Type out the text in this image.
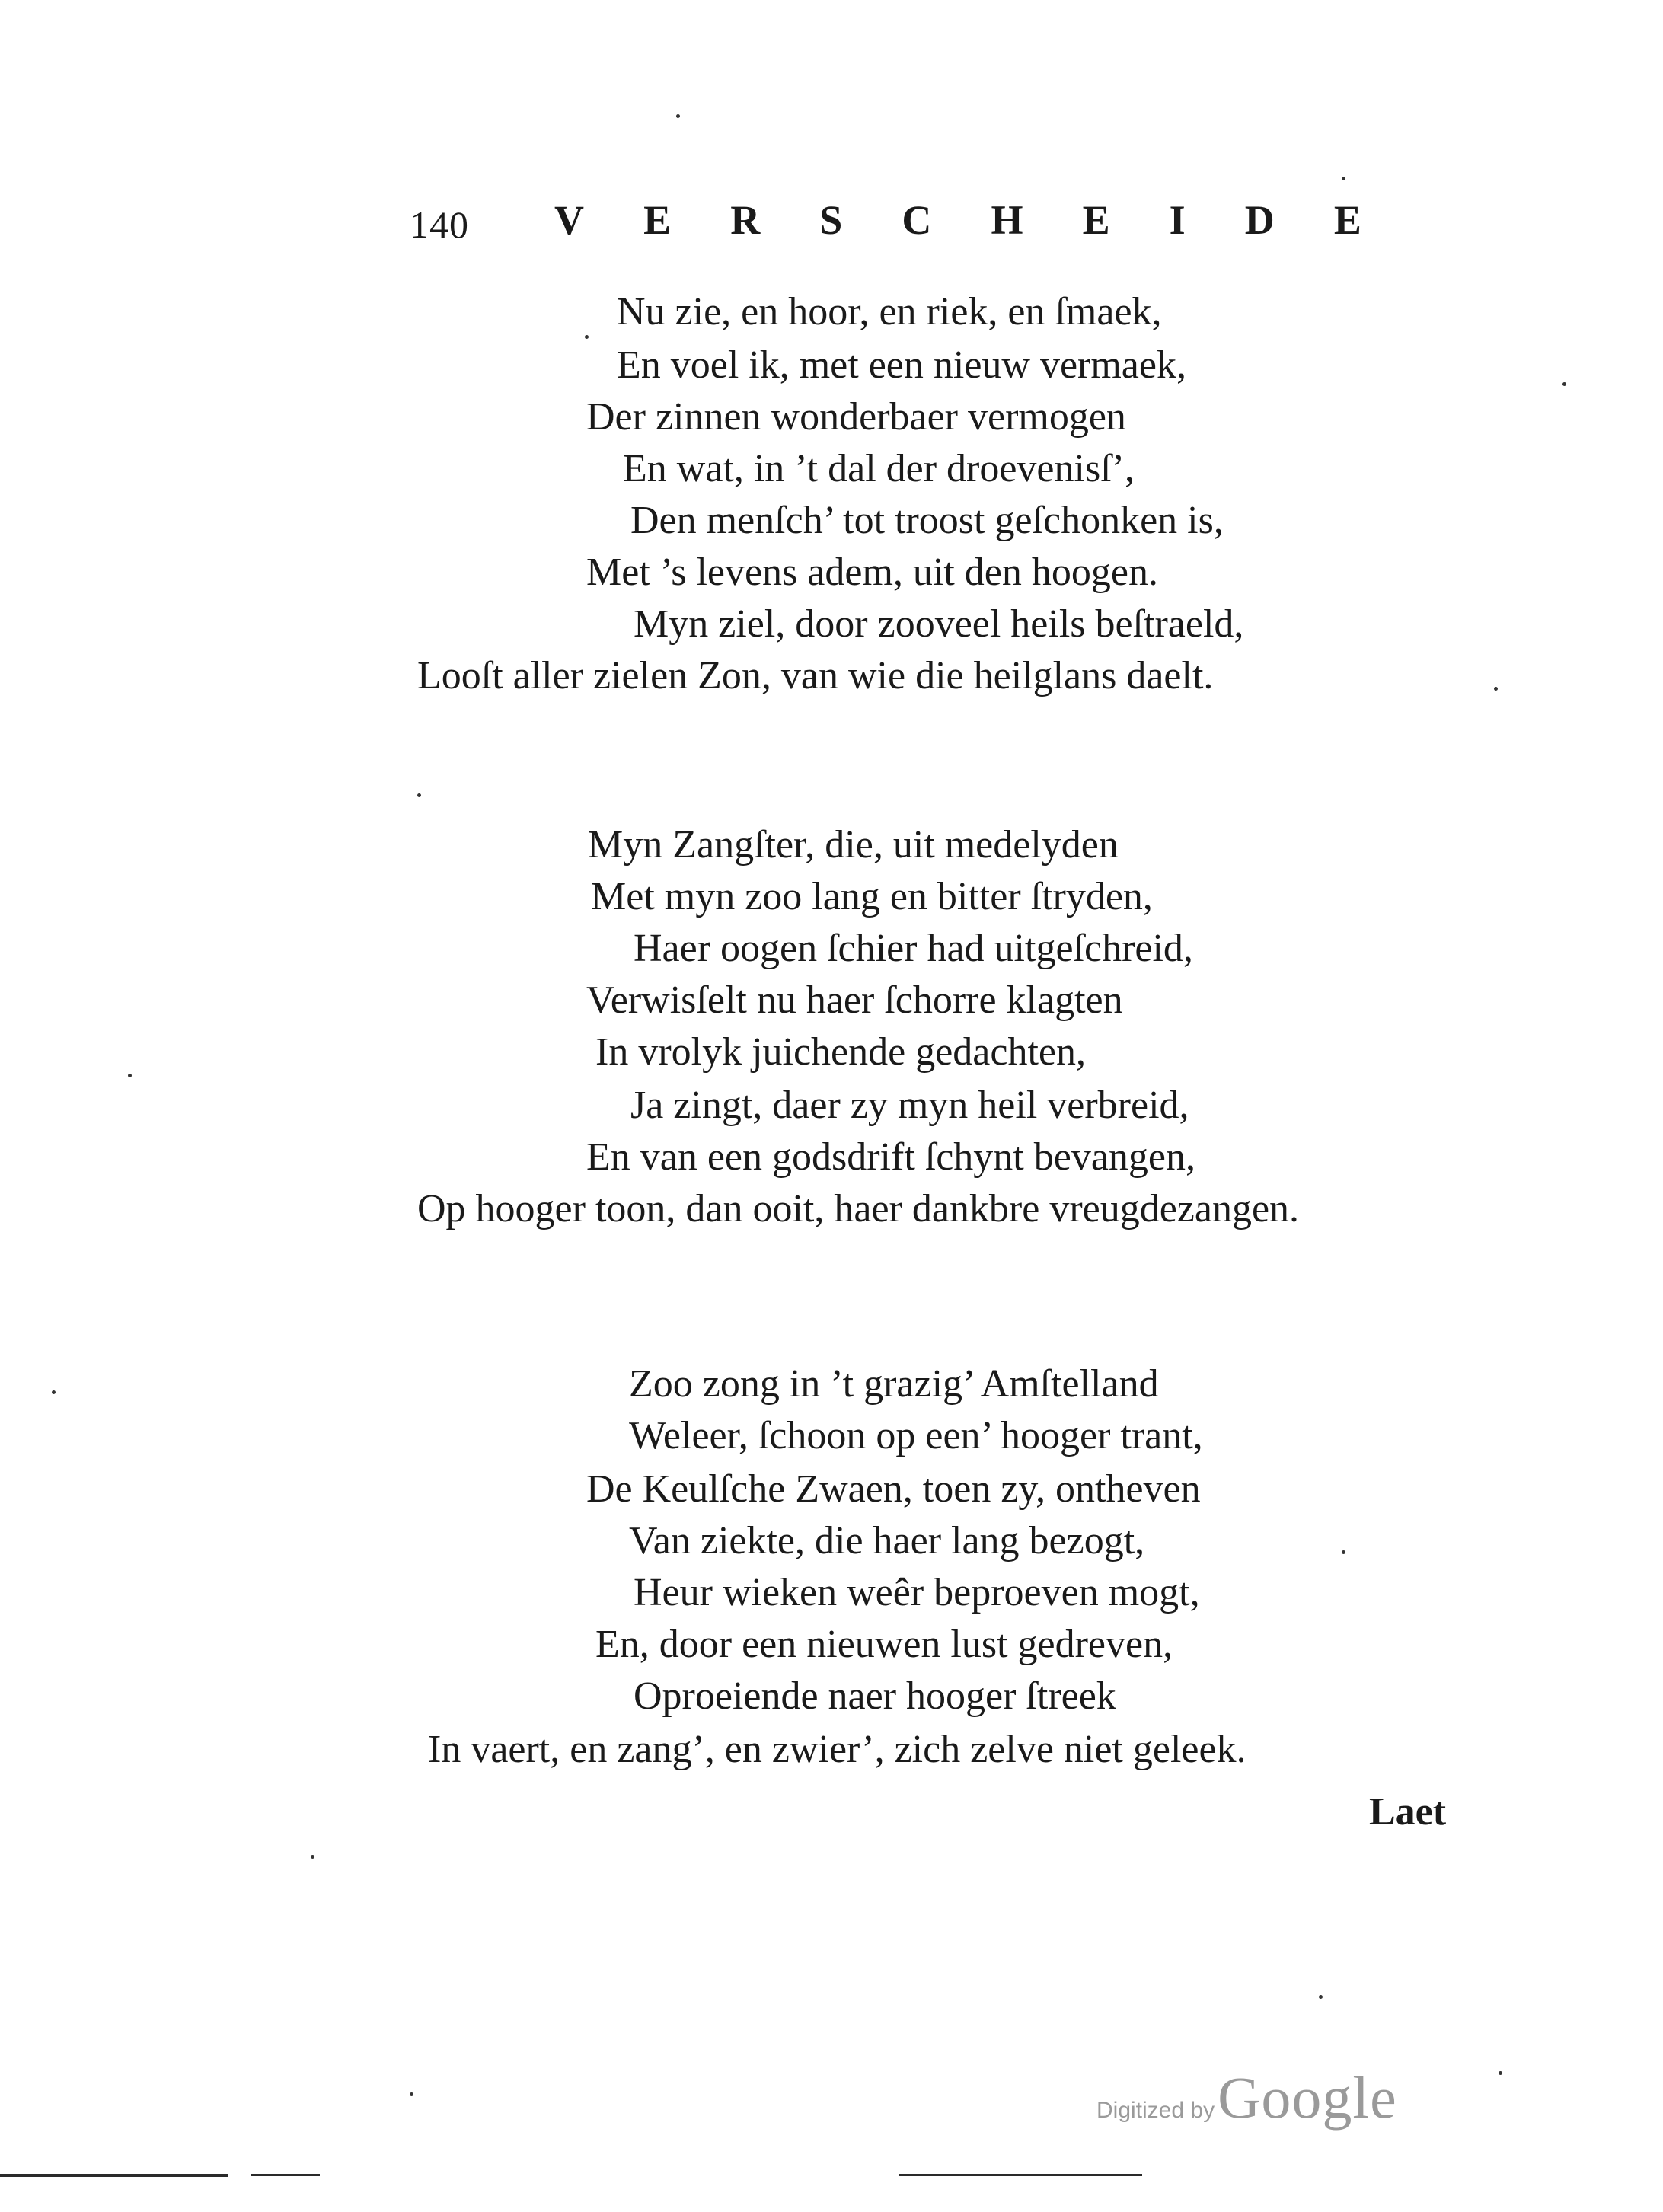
140 V E R S C H E I D E
Nu zie, en hoor, en riek, en ſmaek,
En voel ik, met een nieuw vermaek,
Der zinnen wonderbaer vermogen
En wat, in ’t dal der droevenisſ’,
Den menſch’ tot troost geſchonken is,
Met ’s levens adem, uit den hoogen.
Myn ziel, door zooveel heils beſtraeld,
Looſt aller zielen Zon, van wie die heilglans daelt.
Myn Zangſter, die, uit medelyden
Met myn zoo lang en bitter ſtryden,
Haer oogen ſchier had uitgeſchreid,
Verwisſelt nu haer ſchorre klagten
In vrolyk juichende gedachten,
Ja zingt, daer zy myn heil verbreid,
En van een godsdrift ſchynt bevangen,
Op hooger toon, dan ooit, haer dankbre vreugdezangen.
Zoo zong in ’t grazig’ Amſtelland
Weleer, ſchoon op een’ hooger trant,
De Keulſche Zwaen, toen zy, ontheven
Van ziekte, die haer lang bezogt,
Heur wieken weêr beproeven mogt,
En, door een nieuwen lust gedreven,
Oproeiende naer hooger ſtreek
In vaert, en zang’, en zwier’, zich zelve niet geleek.
Laet
Digitized by Google
